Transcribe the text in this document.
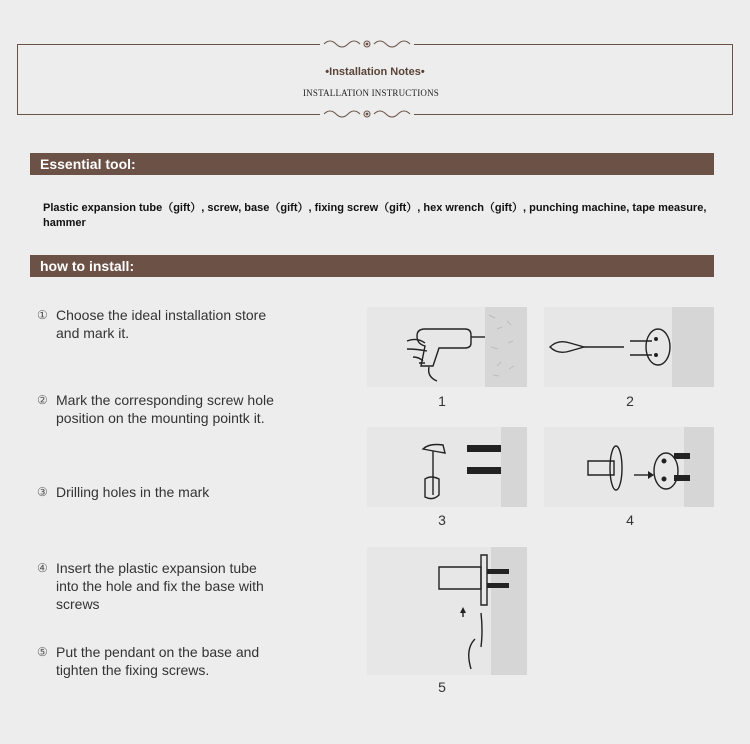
•Installation Notes•
INSTALLATION INSTRUCTIONS
Essential tool:
Plastic expansion tube（gift）, screw, base（gift）, fixing screw（gift）, hex wrench（gift）, punching machine, tape measure, hammer
how to install:
① Choose the ideal installation store and mark it.
② Mark the corresponding screw hole position on the mounting pointk it.
③ Drilling holes in the mark
④ Insert the plastic expansion tube into the hole and fix the base with screws
⑤ Put the pendant on the base and tighten the fixing screws.
1	2
3	4
5
